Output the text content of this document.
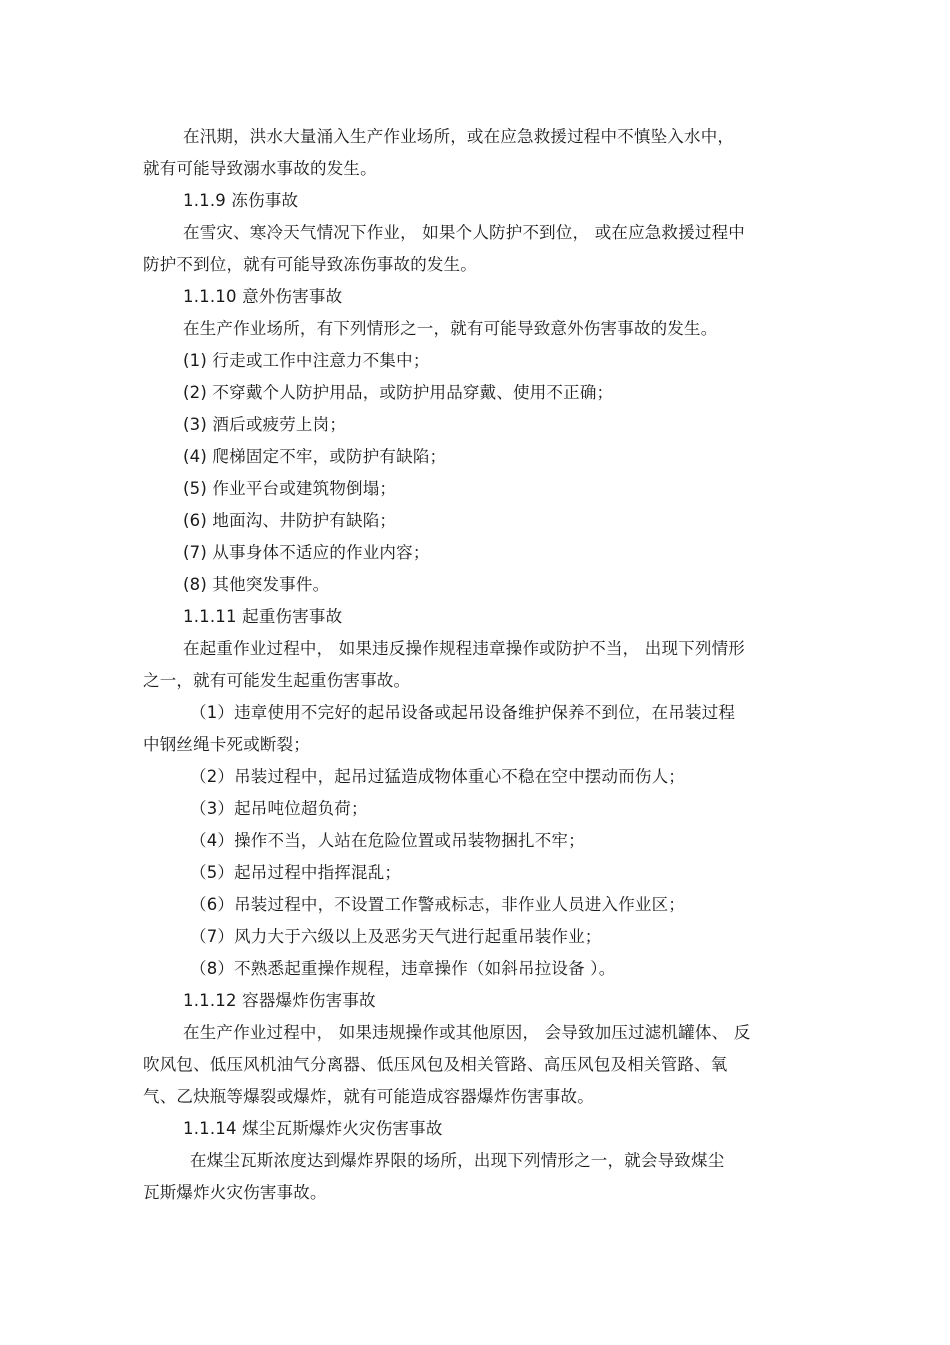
在汛期，洪水大量涌入生产作业场所，或在应急救援过程中不慎坠入水中，
就有可能导致溺水事故的发生。
1.1.9 冻伤事故
在雪灾、寒冷天气情况下作业， 如果个人防护不到位， 或在应急救援过程中
防护不到位，就有可能导致冻伤事故的发生。
1.1.10 意外伤害事故
在生产作业场所，有下列情形之一，就有可能导致意外伤害事故的发生。
(1) 行走或工作中注意力不集中；
(2) 不穿戴个人防护用品，或防护用品穿戴、使用不正确；
(3) 酒后或疲劳上岗；
(4) 爬梯固定不牢，或防护有缺陷；
(5) 作业平台或建筑物倒塌；
(6) 地面沟、井防护有缺陷；
(7) 从事身体不适应的作业内容；
(8) 其他突发事件。
1.1.11 起重伤害事故
在起重作业过程中， 如果违反操作规程违章操作或防护不当， 出现下列情形
之一，就有可能发生起重伤害事故。
（1）违章使用不完好的起吊设备或起吊设备维护保养不到位，在吊装过程
中钢丝绳卡死或断裂；
（2）吊装过程中，起吊过猛造成物体重心不稳在空中摆动而伤人；
（3）起吊吨位超负荷；
（4）操作不当，人站在危险位置或吊装物捆扎不牢；
（5）起吊过程中指挥混乱；
（6）吊装过程中，不设置工作警戒标志，非作业人员进入作业区；
（7）风力大于六级以上及恶劣天气进行起重吊装作业；
（8）不熟悉起重操作规程，违章操作（如斜吊拉设备 ）。
1.1.12 容器爆炸伤害事故
在生产作业过程中， 如果违规操作或其他原因， 会导致加压过滤机罐体、 反
吹风包、低压风机油气分离器、低压风包及相关管路、高压风包及相关管路、氧
气、乙炔瓶等爆裂或爆炸，就有可能造成容器爆炸伤害事故。
1.1.14 煤尘瓦斯爆炸火灾伤害事故
在煤尘瓦斯浓度达到爆炸界限的场所，出现下列情形之一，就会导致煤尘
瓦斯爆炸火灾伤害事故。
